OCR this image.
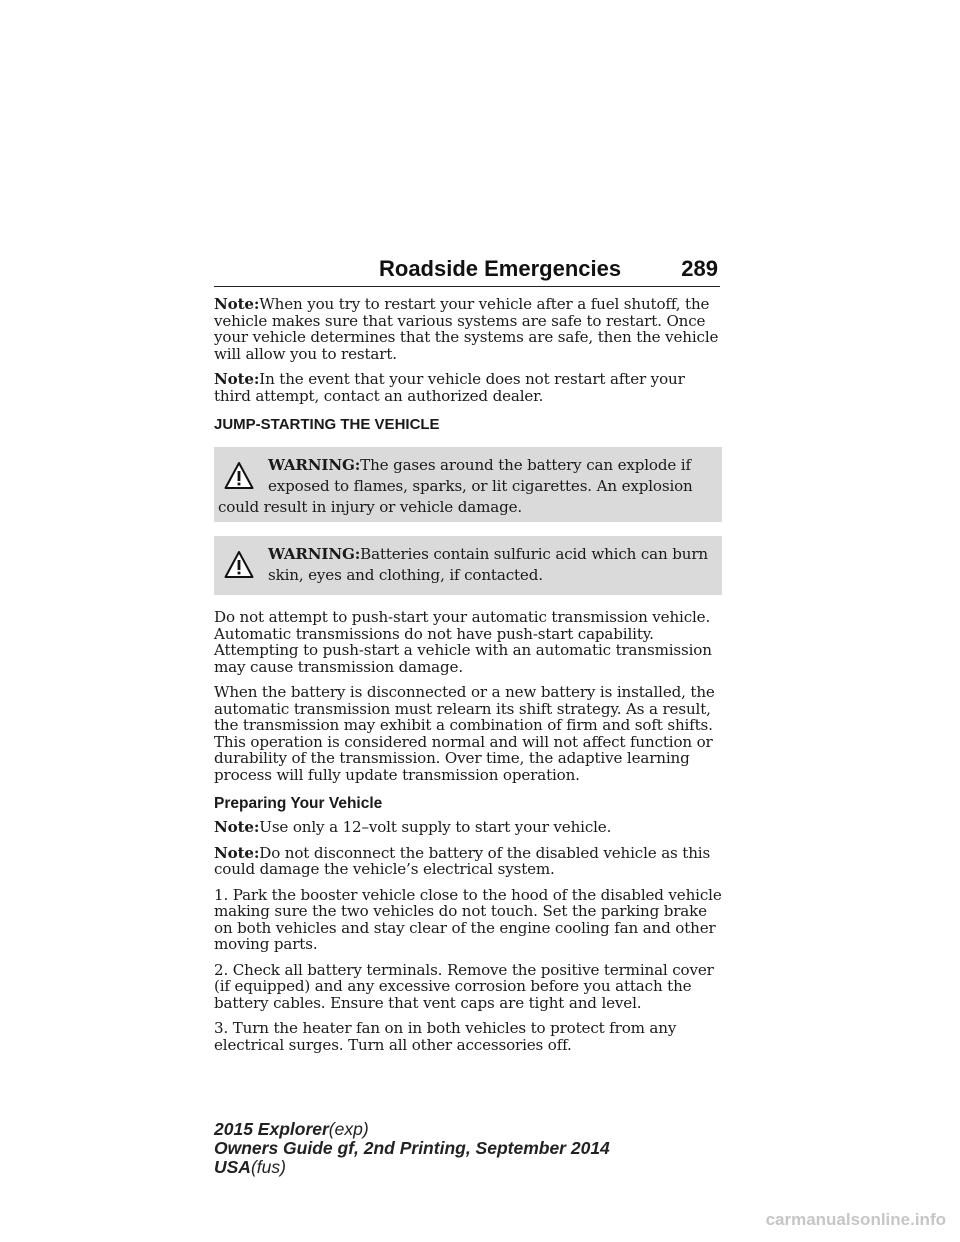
Roadside Emergencies	289

Note:When you try to restart your vehicle after a fuel shutoff, the vehicle makes sure that various systems are safe to restart. Once your vehicle determines that the systems are safe, then the vehicle will allow you to restart.

Note:In the event that your vehicle does not restart after your third attempt, contact an authorized dealer.

JUMP-STARTING THE VEHICLE
WARNING:The gases around the battery can explode if exposed to flames, sparks, or lit cigarettes. An explosion could result in injury or vehicle damage.
WARNING:Batteries contain sulfuric acid which can burn skin, eyes and clothing, if contacted.

Do not attempt to push-start your automatic transmission vehicle. Automatic transmissions do not have push-start capability. Attempting to push-start a vehicle with an automatic transmission may cause transmission damage.

When the battery is disconnected or a new battery is installed, the automatic transmission must relearn its shift strategy. As a result, the transmission may exhibit a combination of firm and soft shifts. This operation is considered normal and will not affect function or durability of the transmission. Over time, the adaptive learning process will fully update transmission operation.

Preparing Your Vehicle

Note:Use only a 12–volt supply to start your vehicle.

Note:Do not disconnect the battery of the disabled vehicle as this could damage the vehicle’s electrical system.

1. Park the booster vehicle close to the hood of the disabled vehicle making sure the two vehicles do not touch. Set the parking brake on both vehicles and stay clear of the engine cooling fan and other moving parts.

2. Check all battery terminals. Remove the positive terminal cover (if equipped) and any excessive corrosion before you attach the battery cables. Ensure that vent caps are tight and level.

3. Turn the heater fan on in both vehicles to protect from any electrical surges. Turn all other accessories off.

2015 Explorer(exp)
Owners Guide gf, 2nd Printing, September 2014
USA(fus)
carmanualsonline.info
